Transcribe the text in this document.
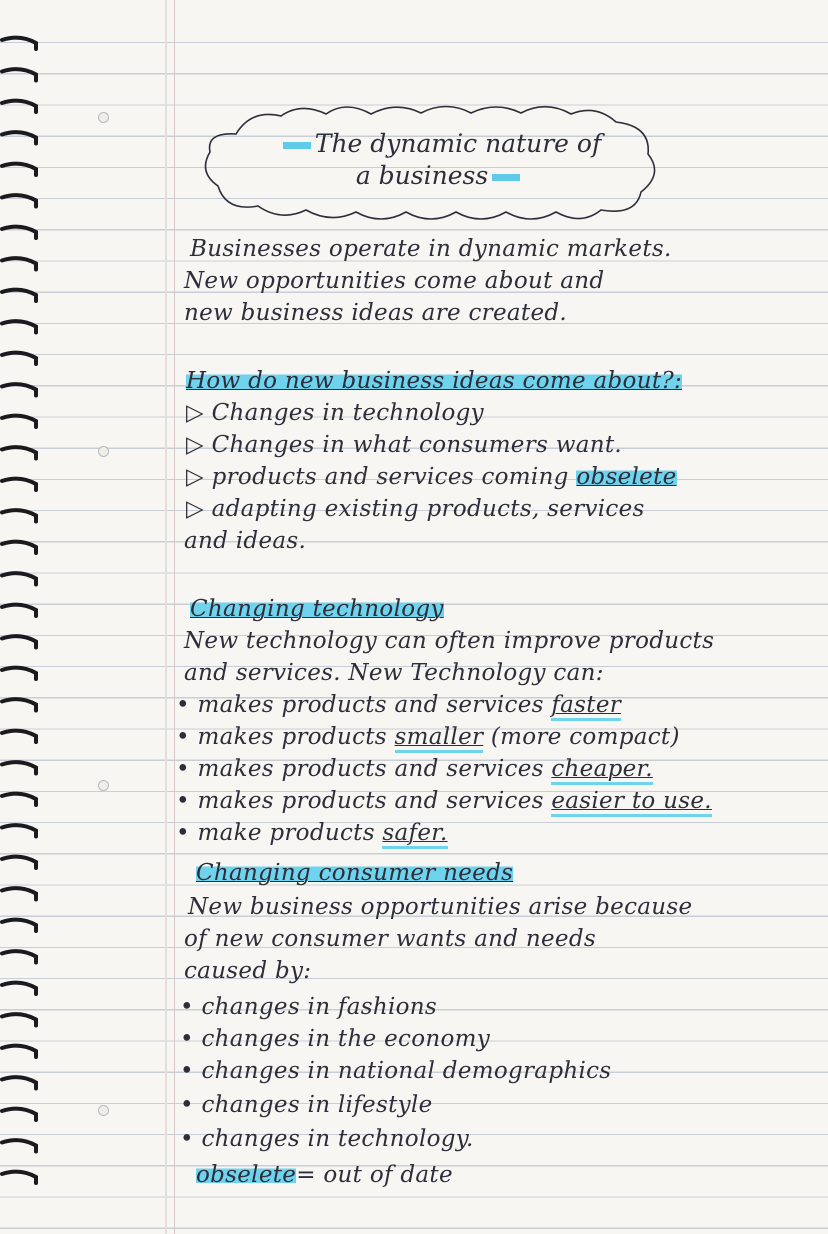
The dynamic nature of
a business
Businesses operate in dynamic markets.
New opportunities come about and
new business ideas are created.
How do new business ideas come about?:
▷ Changes in technology
▷ Changes in what consumers want.
▷ products and services coming obselete
▷ adapting existing products, services
and ideas.
Changing technology
New technology can often improve products
and services. New Technology can:
• makes products and services faster
• makes products smaller (more compact)
• makes products and services cheaper.
• makes products and services easier to use.
• make products safer.
Changing consumer needs
New business opportunities arise because
of new consumer wants and needs
caused by:
• changes in fashions
• changes in the economy
• changes in national demographics
• changes in lifestyle
• changes in technology.
obselete= out of date
